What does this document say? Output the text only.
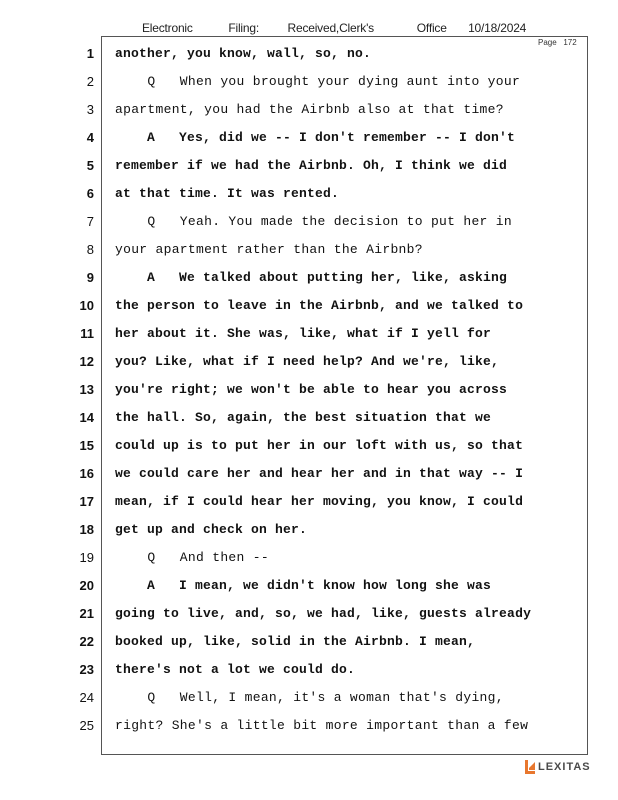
Electronic     Filing:    Received,Clerk's      Office   10/18/2024
Page   172
1 another, you know, wall, so, no.
2 Q   When you brought your dying aunt into your
3 apartment, you had the Airbnb also at that time?
4 A   Yes, did we -- I don't remember -- I don't
5 remember if we had the Airbnb. Oh, I think we did
6 at that time. It was rented.
7 Q   Yeah. You made the decision to put her in
8 your apartment rather than the Airbnb?
9 A   We talked about putting her, like, asking
10 the person to leave in the Airbnb, and we talked to
11 her about it. She was, like, what if I yell for
12 you? Like, what if I need help? And we're, like,
13 you're right; we won't be able to hear you across
14 the hall. So, again, the best situation that we
15 could up is to put her in our loft with us, so that
16 we could care her and hear her and in that way -- I
17 mean, if I could hear her moving, you know, I could
18 get up and check on her.
19 Q   And then --
20 A   I mean, we didn't know how long she was
21 going to live, and, so, we had, like, guests already
22 booked up, like, solid in the Airbnb. I mean,
23 there's not a lot we could do.
24 Q   Well, I mean, it's a woman that's dying,
25 right? She's a little bit more important than a few
LEXITAS
